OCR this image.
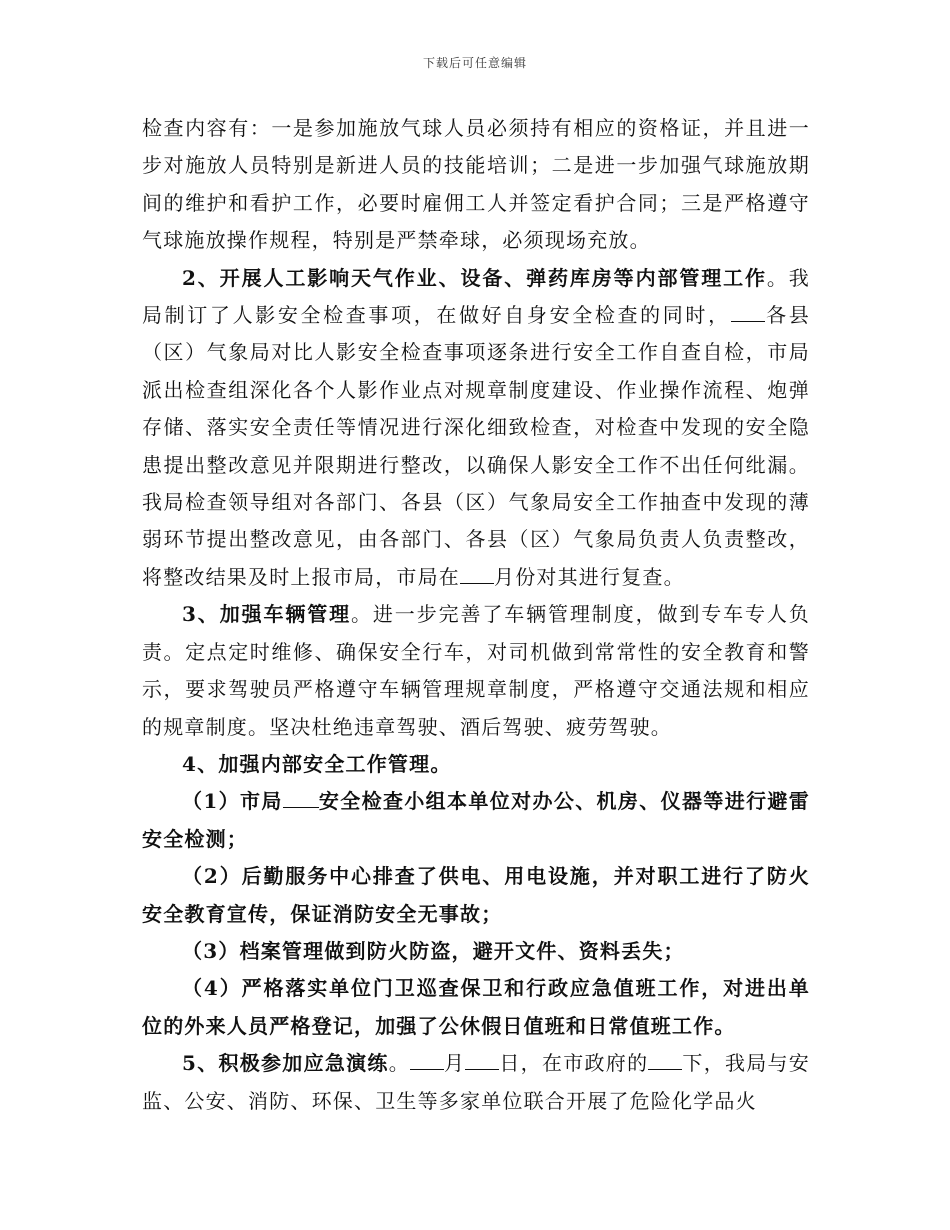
下载后可任意编辑

检查内容有：一是参加施放气球人员必须持有相应的资格证，并且进一步对施放人员特别是新进人员的技能培训；二是进一步加强气球施放期间的维护和看护工作，必要时雇佣工人并签定看护合同；三是严格遵守气球施放操作规程，特别是严禁牵球，必须现场充放。

2、开展人工影响天气作业、设备、弹药库房等内部管理工作。我局制订了人影安全检查事项，在做好自身安全检查的同时， 各县（区）气象局对比人影安全检查事项逐条进行安全工作自查自检，市局派出检查组深化各个人影作业点对规章制度建设、作业操作流程、炮弹存储、落实安全责任等情况进行深化细致检查，对检查中发现的安全隐患提出整改意见并限期进行整改，以确保人影安全工作不出任何纰漏。我局检查领导组对各部门、各县（区）气象局安全工作抽查中发现的薄弱环节提出整改意见，由各部门、各县（区）气象局负责人负责整改，将整改结果及时上报市局，市局在 月份对其进行复查。

3、加强车辆管理。进一步完善了车辆管理制度，做到专车专人负责。定点定时维修、确保安全行车，对司机做到常常性的安全教育和警示，要求驾驶员严格遵守车辆管理规章制度，严格遵守交通法规和相应的规章制度。坚决杜绝违章驾驶、酒后驾驶、疲劳驾驶。

4、加强内部安全工作管理。

（1）市局 安全检查小组本单位对办公、机房、仪器等进行避雷安全检测；

（2）后勤服务中心排查了供电、用电设施，并对职工进行了防火安全教育宣传，保证消防安全无事故；

（3）档案管理做到防火防盗，避开文件、资料丢失；

（4）严格落实单位门卫巡查保卫和行政应急值班工作，对进出单位的外来人员严格登记，加强了公休假日值班和日常值班工作。

5、积极参加应急演练。 月 日，在市政府的 下，我局与安监、公安、消防、环保、卫生等多家单位联合开展了危险化学品火
